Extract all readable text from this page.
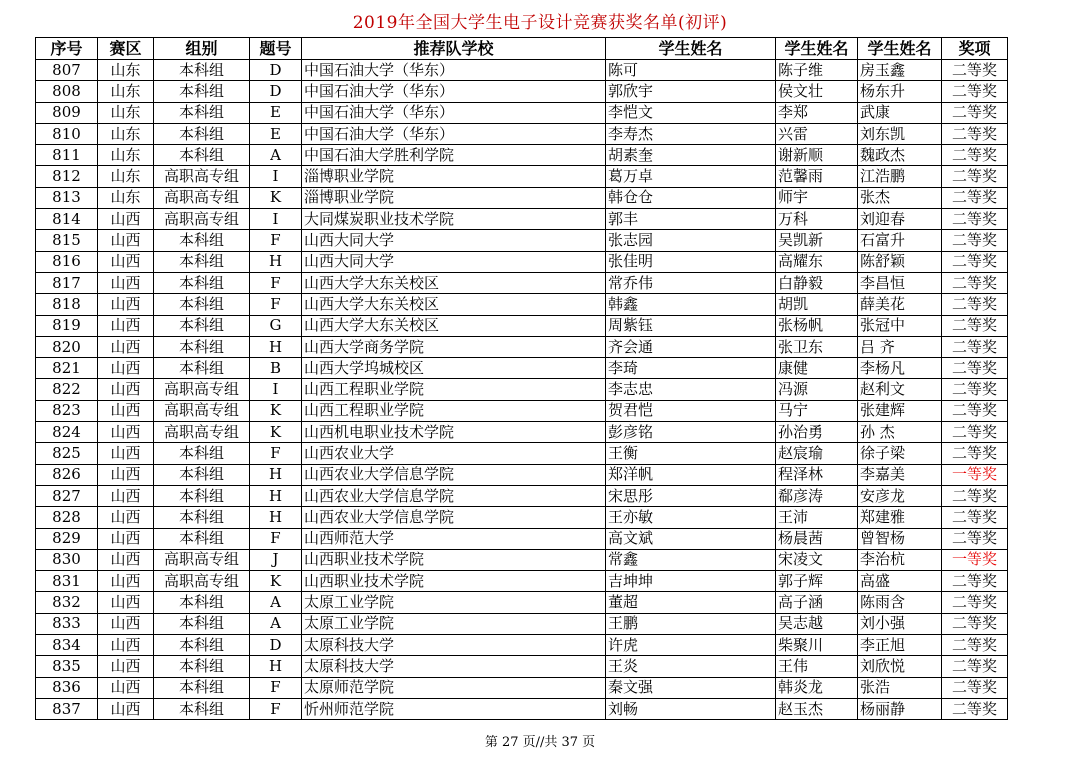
2019年全国大学生电子设计竞赛获奖名单(初评)
序号	赛区	组别	题号	推荐队学校	学生姓名	学生姓名	学生姓名	奖项
807	山东	本科组	D	中国石油大学（华东）	陈可	陈子维	房玉鑫	二等奖
808	山东	本科组	D	中国石油大学（华东）	郭欣宇	侯文壮	杨东升	二等奖
809	山东	本科组	E	中国石油大学（华东）	李恺文	李郑	武康	二等奖
810	山东	本科组	E	中国石油大学（华东）	李寿杰	兴雷	刘东凯	二等奖
811	山东	本科组	A	中国石油大学胜利学院	胡素奎	谢新顺	魏政杰	二等奖
812	山东	高职高专组	I	淄博职业学院	葛万卓	范馨雨	江浩鹏	二等奖
813	山东	高职高专组	K	淄博职业学院	韩仓仓	师宇	张杰	二等奖
814	山西	高职高专组	I	大同煤炭职业技术学院	郭丰	万科	刘迎春	二等奖
815	山西	本科组	F	山西大同大学	张志园	吴凯新	石富升	二等奖
816	山西	本科组	H	山西大同大学	张佳明	高耀东	陈舒颖	二等奖
817	山西	本科组	F	山西大学大东关校区	常乔伟	白静毅	李昌恒	二等奖
818	山西	本科组	F	山西大学大东关校区	韩鑫	胡凯	薛美花	二等奖
819	山西	本科组	G	山西大学大东关校区	周紫钰	张杨帆	张冠中	二等奖
820	山西	本科组	H	山西大学商务学院	齐会通	张卫东	吕 齐	二等奖
821	山西	本科组	B	山西大学坞城校区	李琦	康健	李杨凡	二等奖
822	山西	高职高专组	I	山西工程职业学院	李志忠	冯源	赵利文	二等奖
823	山西	高职高专组	K	山西工程职业学院	贺君恺	马宁	张建辉	二等奖
824	山西	高职高专组	K	山西机电职业技术学院	彭彦铭	孙治勇	孙 杰	二等奖
825	山西	本科组	F	山西农业大学	王衡	赵宸瑜	徐子梁	二等奖
826	山西	本科组	H	山西农业大学信息学院	郑洋帆	程泽林	李嘉美	一等奖
827	山西	本科组	H	山西农业大学信息学院	宋思彤	郗彦涛	安彦龙	二等奖
828	山西	本科组	H	山西农业大学信息学院	王亦敏	王沛	郑建雅	二等奖
829	山西	本科组	F	山西师范大学	高文斌	杨晨茜	曾智杨	二等奖
830	山西	高职高专组	J	山西职业技术学院	常鑫	宋凌文	李治杭	一等奖
831	山西	高职高专组	K	山西职业技术学院	吉坤坤	郭子辉	高盛	二等奖
832	山西	本科组	A	太原工业学院	董超	高子涵	陈雨含	二等奖
833	山西	本科组	A	太原工业学院	王鹏	吴志越	刘小强	二等奖
834	山西	本科组	D	太原科技大学	许虎	柴聚川	李正旭	二等奖
835	山西	本科组	H	太原科技大学	王炎	王伟	刘欣悦	二等奖
836	山西	本科组	F	太原师范学院	秦文强	韩炎龙	张浩	二等奖
837	山西	本科组	F	忻州师范学院	刘畅	赵玉杰	杨丽静	二等奖
第 27 页//共 37 页
